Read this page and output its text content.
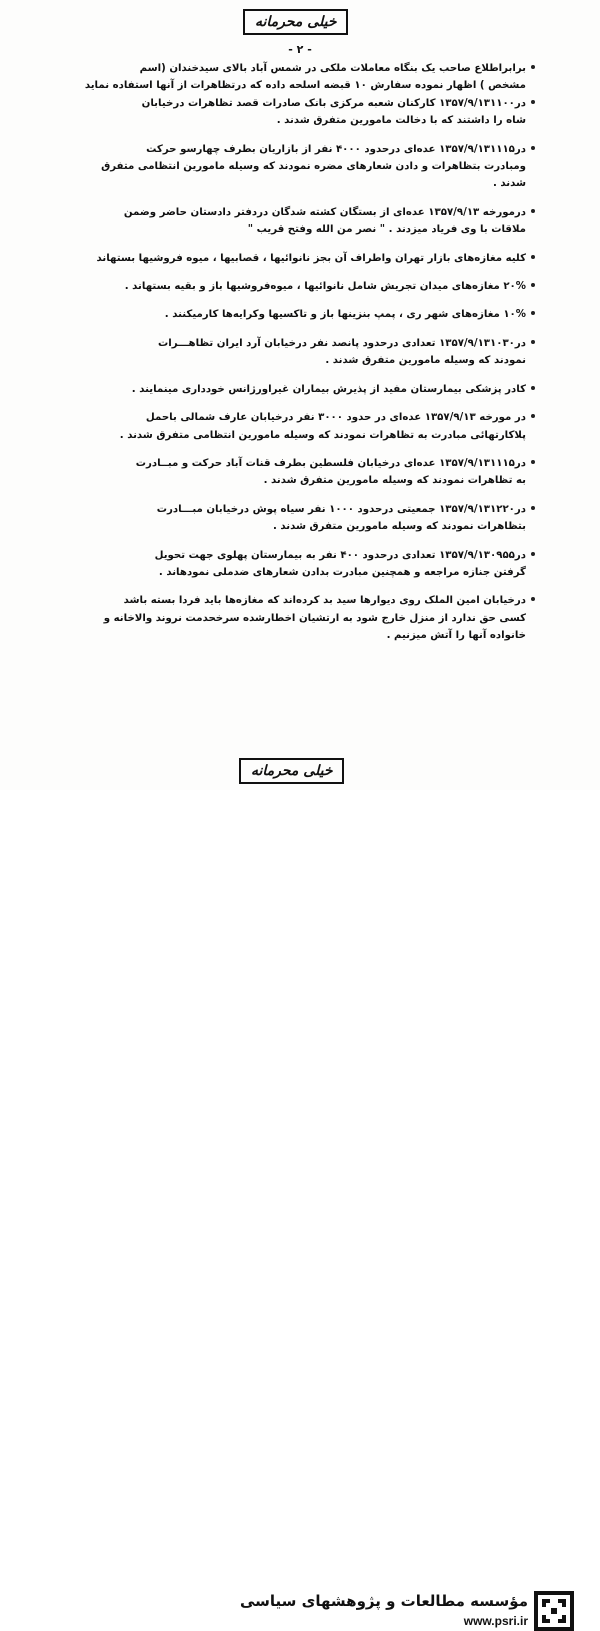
خیلی محرمانه
- ۲ -
برابراطلاع صاحب یک بنگاه معاملات ملکی در شمس آباد بالای سیدخندان (اسم
مشخص ) اظهار نموده سفارش ۱۰ قبضه اسلحه داده که درتظاهرات از آنها استفاده نماید
در۱۳۵۷/۹/۱۳۱۱۰۰ کارکنان شعبه مرکزی بانک صادرات قصد تظاهرات درخیابان
شاه را داشتند که با دخالت مامورین متفرق شدند .
در۱۳۵۷/۹/۱۳۱۱۱۵ عده‌ای درحدود ۴۰۰۰ نفر از بازاریان بطرف چهارسو حرکت
ومبادرت بتظاهرات و دادن شعارهای مضره نمودند که وسیله مامورین انتظامی متفرق
شدند .
درمورخه ۱۳۵۷/۹/۱۳ عده‌ای از بستگان کشته شدگان دردفتر دادستان حاضر وضمن
ملاقات با وی فریاد میزدند . " نصر من الله وفتح قریب "
کلیه مغازه‌های بازار تهران واطراف آن بجز نانوائیها ، قصابیها ، میوه فروشیها بستهاند
۲۰% مغازه‌های میدان تجریش شامل نانوائیها ، میوه‌فروشیها باز و بقیه بستهاند .
۱۰% مغازه‌های شهر ری ، پمپ بنزینها باز و تاکسیها وکرایه‌ها کارمیکنند .
در۱۳۵۷/۹/۱۳۱۰۳۰ تعدادی درحدود پانصد نفر درخیابان آرد ایران تظاهـــرات
نمودند که وسیله مامورین متفرق شدند .
کادر پزشکی بیمارستان مفید از پذیرش بیماران غیراورژانس خودداری مینمایند .
در مورخه ۱۳۵۷/۹/۱۳ عده‌ای در حدود ۳۰۰۰ نفر درخیابان عارف شمالی باحمل
پلاکارتهائی مبادرت به تظاهرات نمودند که وسیله مامورین انتظامی متفرق شدند .
در۱۳۵۷/۹/۱۳۱۱۱۵ عده‌ای درخیابان فلسطین بطرف قنات آباد حرکت و مبــادرت
به تظاهرات نمودند که وسیله مامورین متفرق شدند .
در۱۳۵۷/۹/۱۳۱۲۲۰ جمعیتی درحدود ۱۰۰۰ نفر سیاه پوش درخیابان مبـــادرت
بتظاهرات نمودند که وسیله مامورین متفرق شدند .
در۱۳۵۷/۹/۱۳۰۹۵۵ تعدادی درحدود ۴۰۰ نفر به بیمارستان پهلوی جهت تحویل
گرفتن جنازه مراجعه و همچنین مبادرت بدادن شعارهای ضدملی نمودهاند .
درخیابان امین الملک روی دیوارها سید بد کرده‌اند که مغازه‌ها باید فردا بسته باشد
کسی حق ندارد از منزل خارج شود به ارتشیان اخطارشده سرخحدمت نروند والاخانه و
خانواده آنها را آتش میزنیم .
خیلی محرمانه
مؤسسه مطالعات و پژوهشهای سیاسی
www.psri.ir
